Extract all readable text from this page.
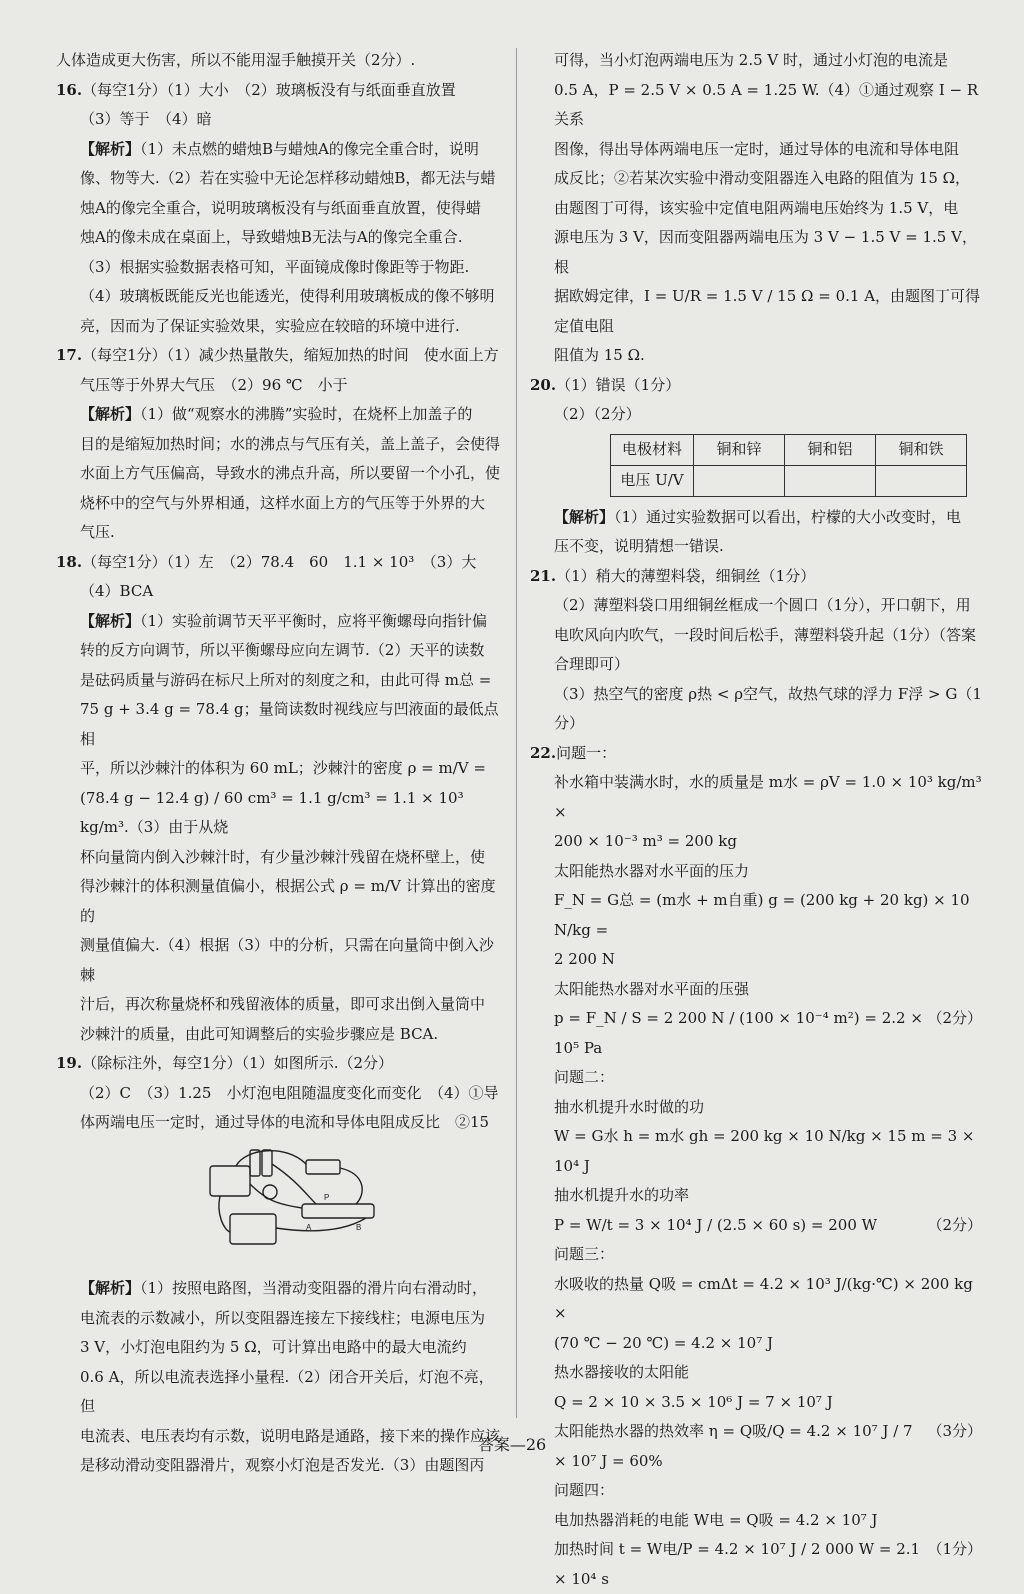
人体造成更大伤害，所以不能用湿手触摸开关（2分）.

16.（每空1分）（1）大小　（2）玻璃板没有与纸面垂直放置

（3）等于　（4）暗

【解析】（1）未点燃的蜡烛B与蜡烛A的像完全重合时，说明

像、物等大.（2）若在实验中无论怎样移动蜡烛B，都无法与蜡

烛A的像完全重合，说明玻璃板没有与纸面垂直放置，使得蜡

烛A的像未成在桌面上，导致蜡烛B无法与A的像完全重合.

（3）根据实验数据表格可知，平面镜成像时像距等于物距.

（4）玻璃板既能反光也能透光，使得利用玻璃板成的像不够明

亮，因而为了保证实验效果，实验应在较暗的环境中进行.

17.（每空1分）（1）减少热量散失，缩短加热的时间　使水面上方

气压等于外界大气压　（2）96 ℃　小于

【解析】（1）做“观察水的沸腾”实验时，在烧杯上加盖子的

目的是缩短加热时间；水的沸点与气压有关，盖上盖子，会使得

水面上方气压偏高，导致水的沸点升高，所以要留一个小孔，使

烧杯中的空气与外界相通，这样水面上方的气压等于外界的大

气压.

18.（每空1分）（1）左　（2）78.4　60　1.1 × 10³　（3）大

（4）BCA

【解析】（1）实验前调节天平平衡时，应将平衡螺母向指针偏

转的反方向调节，所以平衡螺母应向左调节.（2）天平的读数

是砝码质量与游码在标尺上所对的刻度之和，由此可得 m总 =

75 g + 3.4 g = 78.4 g；量筒读数时视线应与凹液面的最低点相

平，所以沙棘汁的体积为 60 mL；沙棘汁的密度 ρ = m/V =

(78.4 g − 12.4 g) / 60 cm³ = 1.1 g/cm³ = 1.1 × 10³ kg/m³.（3）由于从烧

杯向量筒内倒入沙棘汁时，有少量沙棘汁残留在烧杯壁上，使

得沙棘汁的体积测量值偏小，根据公式 ρ = m/V 计算出的密度的

测量值偏大.（4）根据（3）中的分析，只需在向量筒中倒入沙棘

汁后，再次称量烧杯和残留液体的质量，即可求出倒入量筒中

沙棘汁的质量，由此可知调整后的实验步骤应是 BCA.

19.（除标注外，每空1分）（1）如图所示.（2分）

（2）C　（3）1.25　小灯泡电阻随温度变化而变化　（4）①导

体两端电压一定时，通过导体的电流和导体电阻成反比　②15

P
A	B

【解析】（1）按照电路图，当滑动变阻器的滑片向右滑动时，

电流表的示数减小，所以变阻器连接左下接线柱；电源电压为

3 V，小灯泡电阻约为 5 Ω，可计算出电路中的最大电流约

0.6 A，所以电流表选择小量程.（2）闭合开关后，灯泡不亮，但

电流表、电压表均有示数，说明电路是通路，接下来的操作应该

是移动滑动变阻器滑片，观察小灯泡是否发光.（3）由题图丙

可得，当小灯泡两端电压为 2.5 V 时，通过小灯泡的电流是

0.5 A，P = 2.5 V × 0.5 A = 1.25 W.（4）①通过观察 I − R 关系

图像，得出导体两端电压一定时，通过导体的电流和导体电阻

成反比；②若某次实验中滑动变阻器连入电路的阻值为 15 Ω，

由题图丁可得，该实验中定值电阻两端电压始终为 1.5 V，电

源电压为 3 V，因而变阻器两端电压为 3 V − 1.5 V = 1.5 V，根

据欧姆定律，I = U/R = 1.5 V / 15 Ω = 0.1 A，由题图丁可得定值电阻

阻值为 15 Ω.

20.（1）错误（1分）

（2）（2分）

电极材料	铜和锌	铜和铝	铜和铁
电压 U/V			

【解析】（1）通过实验数据可以看出，柠檬的大小改变时，电

压不变，说明猜想一错误.

21.（1）稍大的薄塑料袋，细铜丝（1分）

（2）薄塑料袋口用细铜丝框成一个圆口（1分），开口朝下，用

电吹风向内吹气，一段时间后松手，薄塑料袋升起（1分）（答案

合理即可）

（3）热空气的密度 ρ热 < ρ空气，故热气球的浮力 F浮 > G（1分）

22.问题一：

补水箱中装满水时，水的质量是 m水 = ρV = 1.0 × 10³ kg/m³ ×

200 × 10⁻³ m³ = 200 kg

太阳能热水器对水平面的压力

F_N = G总 = (m水 + m自重) g = (200 kg + 20 kg) × 10 N/kg =

2 200 N

太阳能热水器对水平面的压强

p = F_N / S = 2 200 N / (100 × 10⁻⁴ m²) = 2.2 × 10⁵ Pa
（2分）

问题二：

抽水机提升水时做的功

W = G水 h = m水 gh = 200 kg × 10 N/kg × 15 m = 3 × 10⁴ J

抽水机提升水的功率

P = W/t = 3 × 10⁴ J / (2.5 × 60 s) = 200 W	（2分）

问题三：

水吸收的热量 Q吸 = cmΔt = 4.2 × 10³ J/(kg·℃) × 200 kg ×

(70 ℃ − 20 ℃) = 4.2 × 10⁷ J

热水器接收的太阳能

Q = 2 × 10 × 3.5 × 10⁶ J = 7 × 10⁷ J

太阳能热水器的热效率 η = Q吸/Q = 4.2 × 10⁷ J / 7 × 10⁷ J = 60%
（3分）

问题四：

电加热器消耗的电能 W电 = Q吸 = 4.2 × 10⁷ J

加热时间 t = W电/P = 4.2 × 10⁷ J / 2 000 W = 2.1 × 10⁴ s
（1分）
答案—26
